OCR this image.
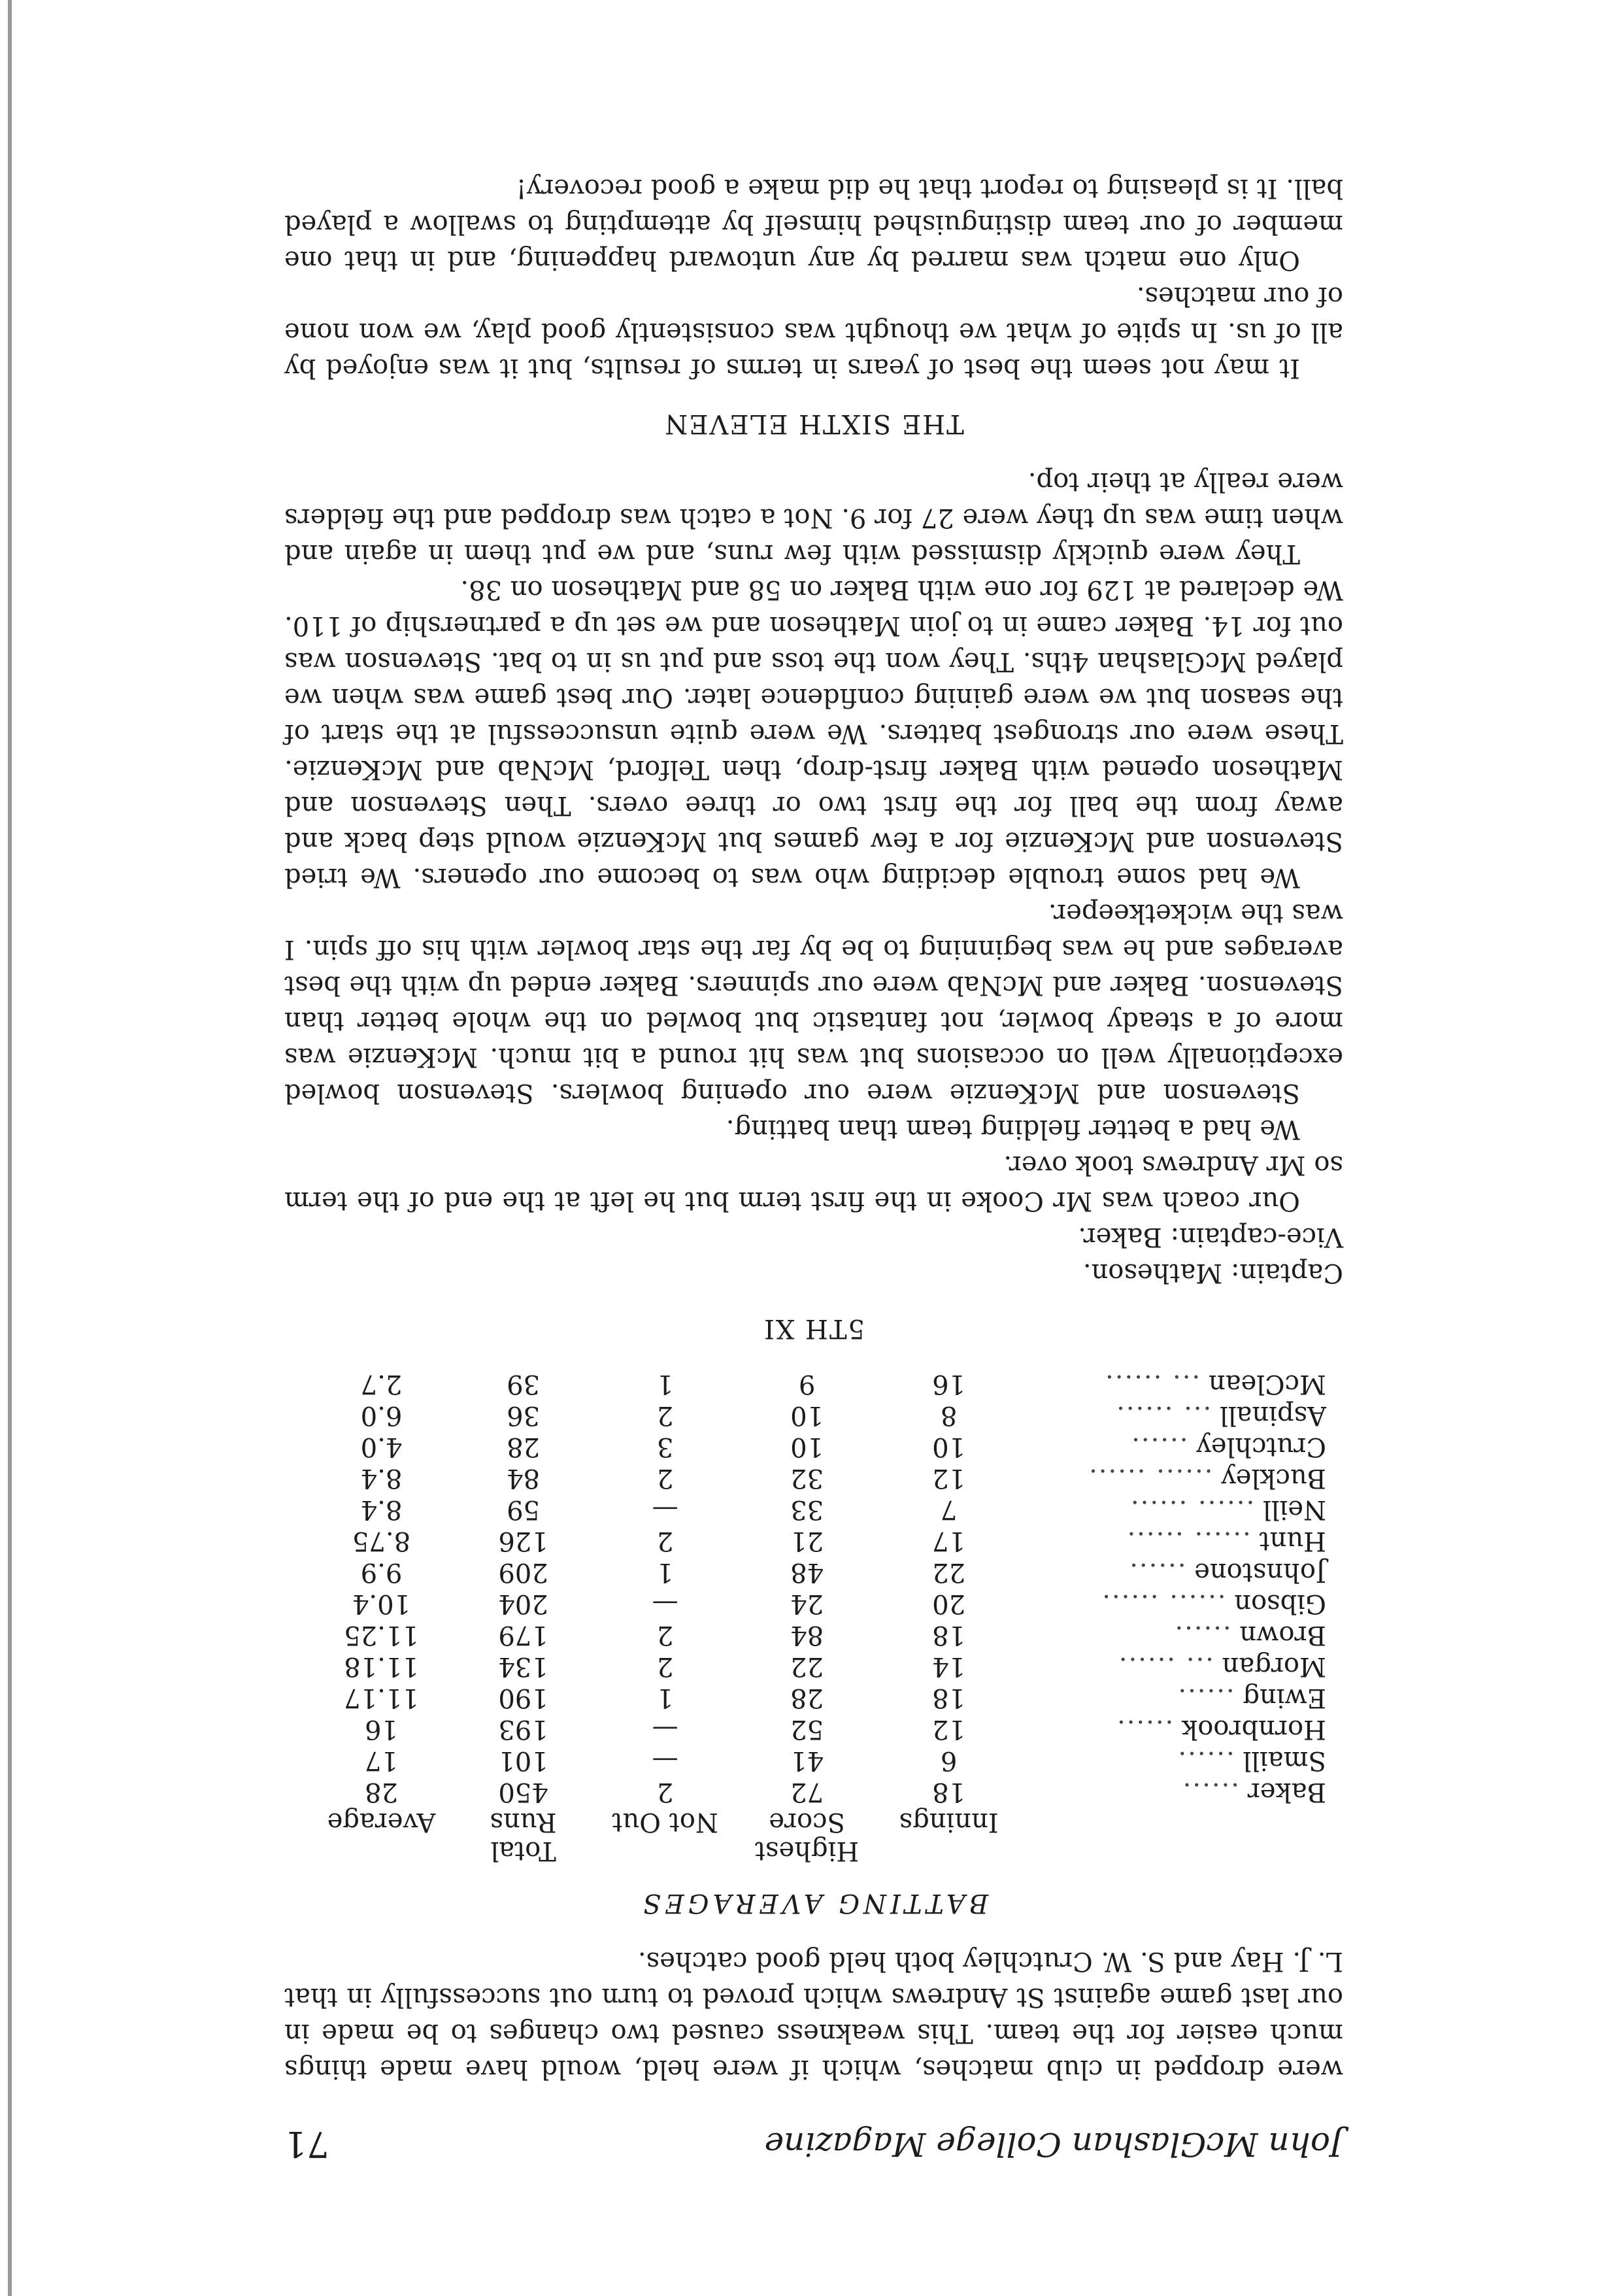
John McGlashan College Magazine
71

were dropped in club matches, which if were held, would have made things much easier for the team. This weakness caused two changes to be made in our last game against St Andrews which proved to turn out successfully in that L. J. Hay and S. W. Crutchley both held good catches.

BATTING AVERAGES
	Innings	Highest Score	Not Out	Total Runs	Average
Baker ......	18	72	2	450	28
Smaill ......	6	41	—	101	17
Hornbrook ......	12	52	—	193	16
Ewing ......	18	28	1	190	11.17
Morgan ... ......	14	22	2	134	11.18
Brown ......	18	84	2	179	11.25
Gibson ...... ......	20	24	—	204	10.4
Johnstone ......	22	48	1	209	9.9
Hunt ...... ......	17	21	2	126	8.75
Neill ...... ......	7	33	—	59	8.4
Buckley ...... ......	12	32	2	84	8.4
Crutchley ......	10	10	3	28	4.0
Aspinall ... ......	8	10	2	36	6.0
McClean ... ......	16	9	1	39	2.7
5TH XI
Captain: Matheson.
Vice-captain: Baker.

Our coach was Mr Cooke in the first term but he left at the end of the term so Mr Andrews took over.

We had a better fielding team than batting.

Stevenson and McKenzie were our opening bowlers. Stevenson bowled exceptionally well on occasions but was hit round a bit much. McKenzie was more of a steady bowler, not fantastic but bowled on the whole better than Stevenson. Baker and McNab were our spinners. Baker ended up with the best averages and he was beginning to be by far the star bowler with his off spin. I was the wicketkeeper.

We had some trouble deciding who was to become our openers. We tried Stevenson and McKenzie for a few games but McKenzie would step back and away from the ball for the first two or three overs. Then Stevenson and Matheson opened with Baker first-drop, then Telford, McNab and McKenzie. These were our strongest batters. We were quite unsuccessful at the start of the season but we were gaining confidence later. Our best game was when we played McGlashan 4ths. They won the toss and put us in to bat. Stevenson was out for 14. Baker came in to join Matheson and we set up a partnership of 110. We declared at 129 for one with Baker on 58 and Matheson on 38.

They were quickly dismissed with few runs, and we put them in again and when time was up they were 27 for 9. Not a catch was dropped and the fielders were really at their top.

THE SIXTH ELEVEN

It may not seem the best of years in terms of results, but it was enjoyed by all of us. In spite of what we thought was consistently good play, we won none of our matches.

Only one match was marred by any untoward happening, and in that one member of our team distinguished himself by attempting to swallow a played ball. It is pleasing to report that he did make a good recovery!
